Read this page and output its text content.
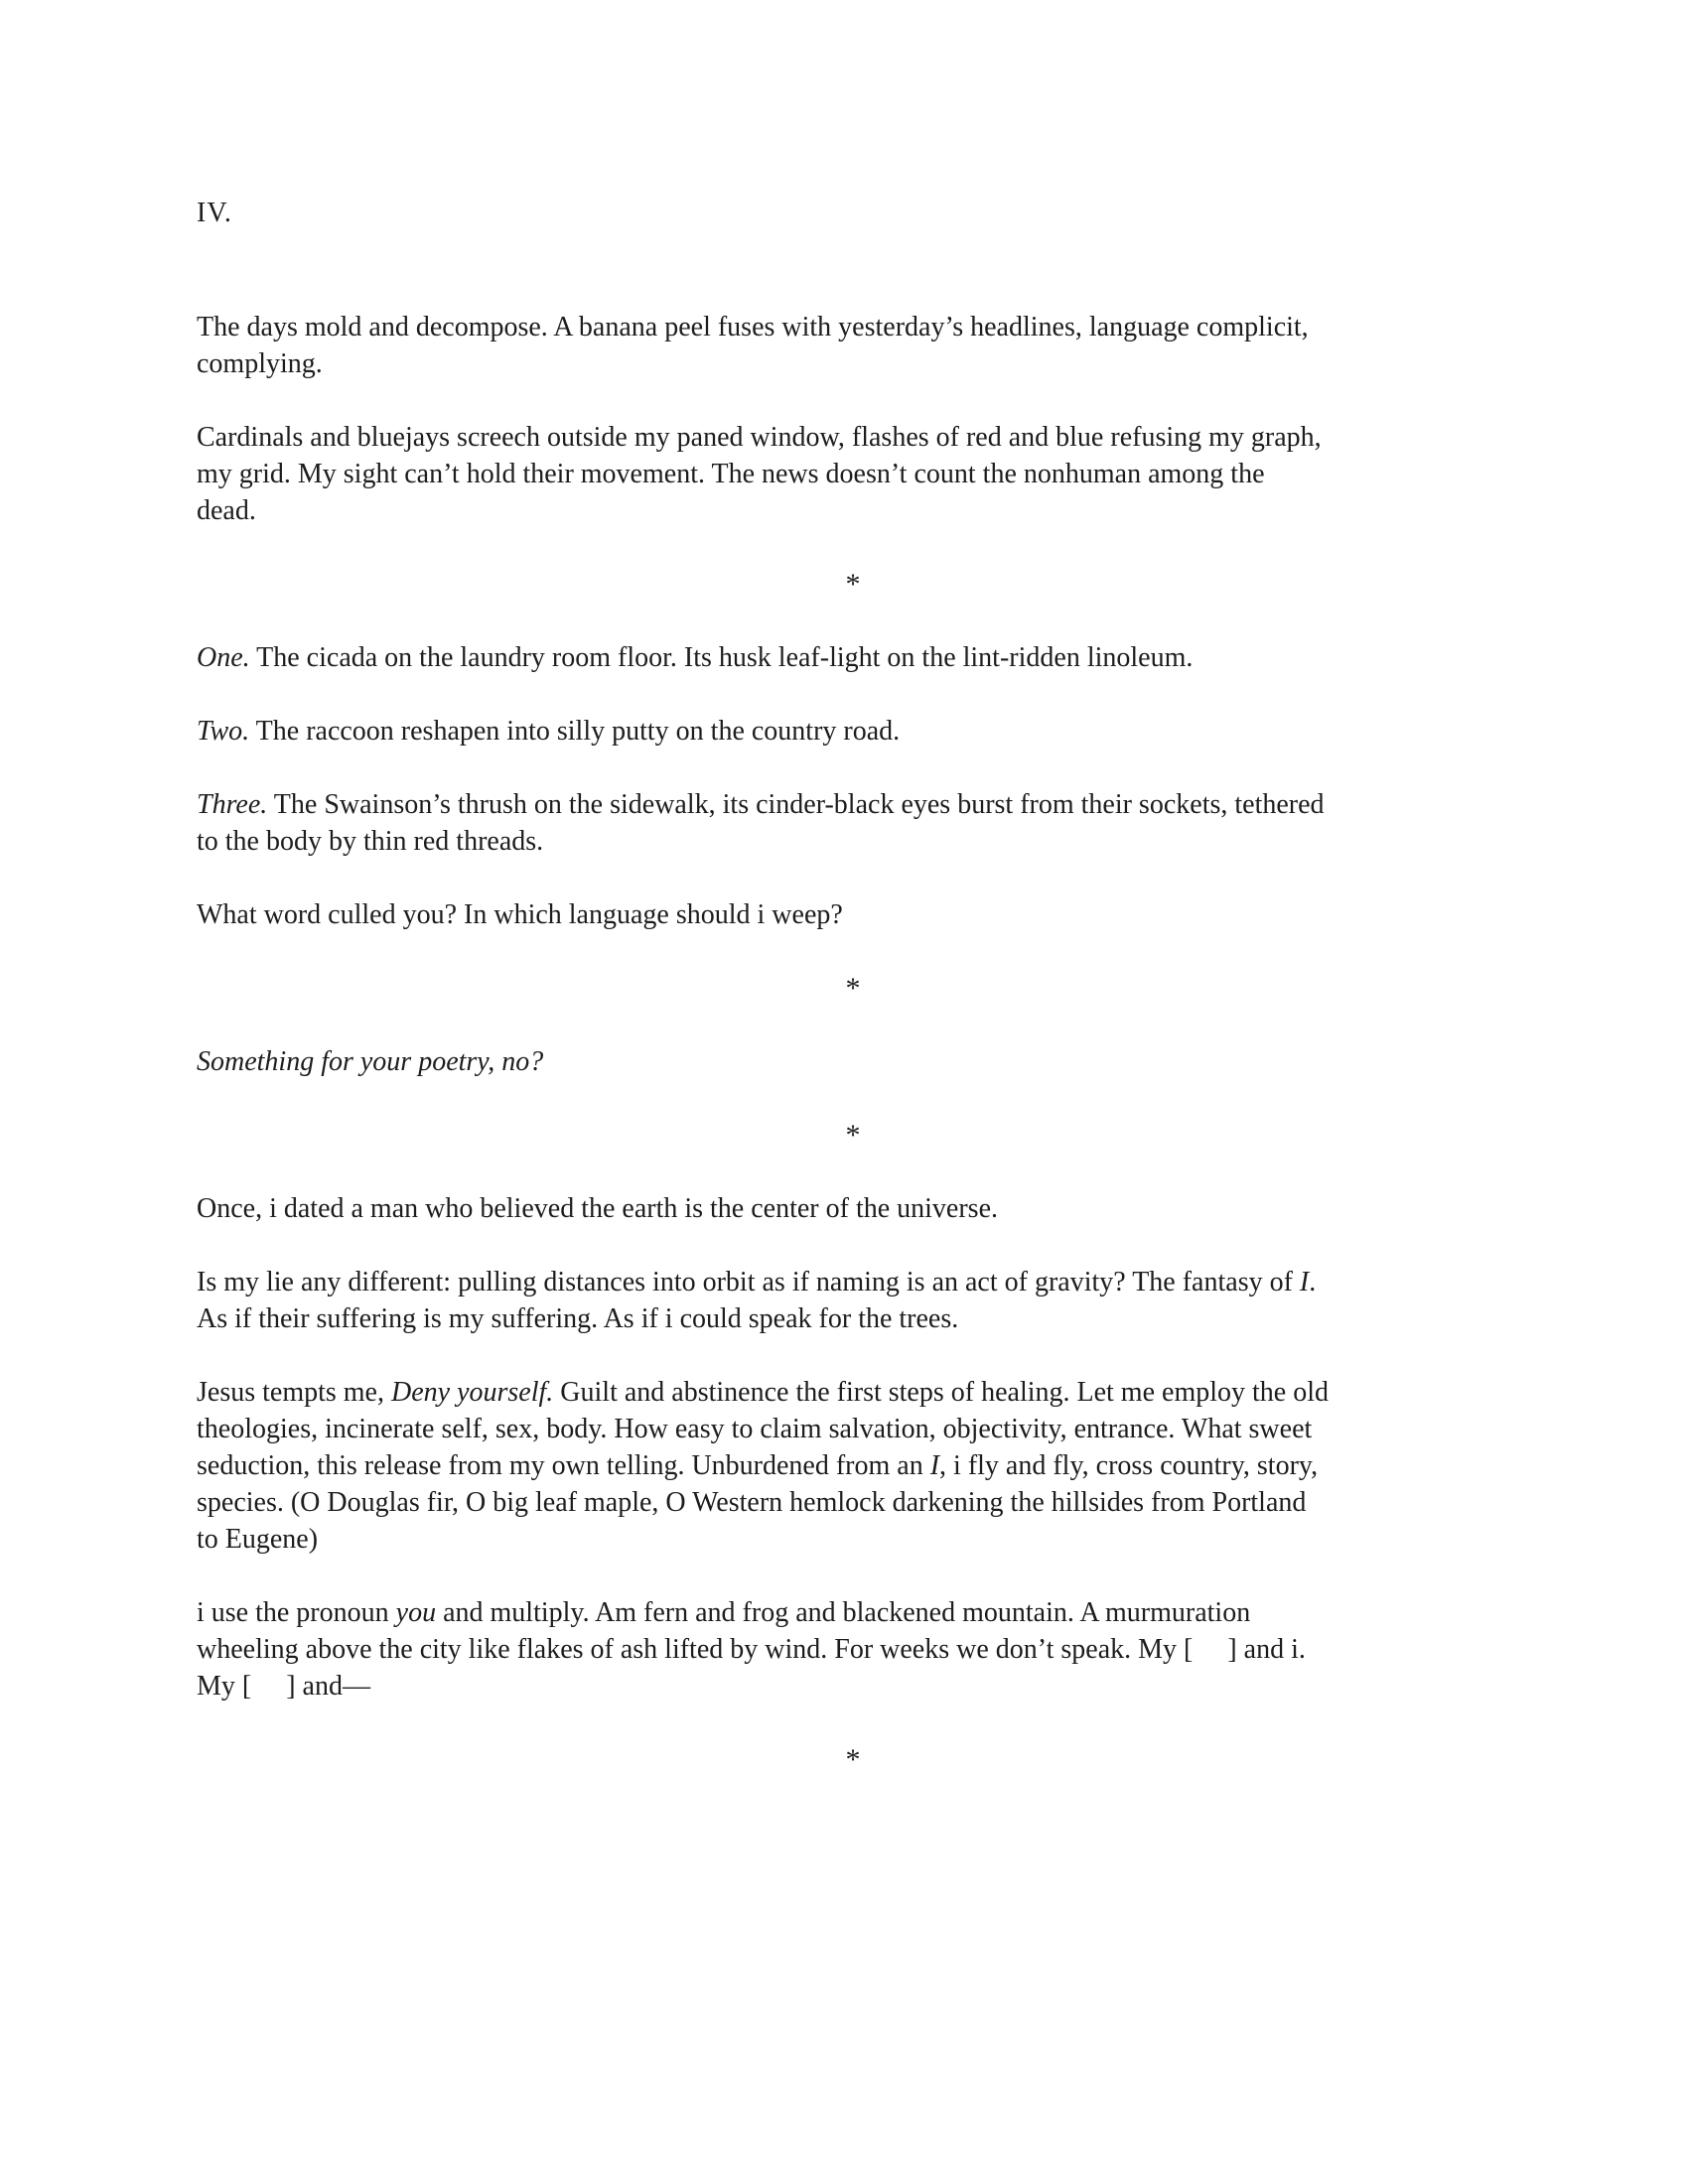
IV.
The days mold and decompose. A banana peel fuses with yesterday’s headlines, language complicit,
complying.
Cardinals and bluejays screech outside my paned window, flashes of red and blue refusing my graph,
my grid. My sight can’t hold their movement. The news doesn’t count the nonhuman among the
dead.
*
One. The cicada on the laundry room floor. Its husk leaf-light on the lint-ridden linoleum.
Two. The raccoon reshapen into silly putty on the country road.
Three. The Swainson’s thrush on the sidewalk, its cinder-black eyes burst from their sockets, tethered
to the body by thin red threads.
What word culled you? In which language should i weep?
*
Something for your poetry, no?
*
Once, i dated a man who believed the earth is the center of the universe.
Is my lie any different: pulling distances into orbit as if naming is an act of gravity? The fantasy of I.
As if their suffering is my suffering. As if i could speak for the trees.
Jesus tempts me, Deny yourself. Guilt and abstinence the first steps of healing. Let me employ the old
theologies, incinerate self, sex, body. How easy to claim salvation, objectivity, entrance. What sweet
seduction, this release from my own telling. Unburdened from an I, i fly and fly, cross country, story,
species. (O Douglas fir, O big leaf maple, O Western hemlock darkening the hillsides from Portland
to Eugene)
i use the pronoun you and multiply. Am fern and frog and blackened mountain. A murmuration
wheeling above the city like flakes of ash lifted by wind. For weeks we don’t speak. My [     ] and i.
My [     ] and—
*
